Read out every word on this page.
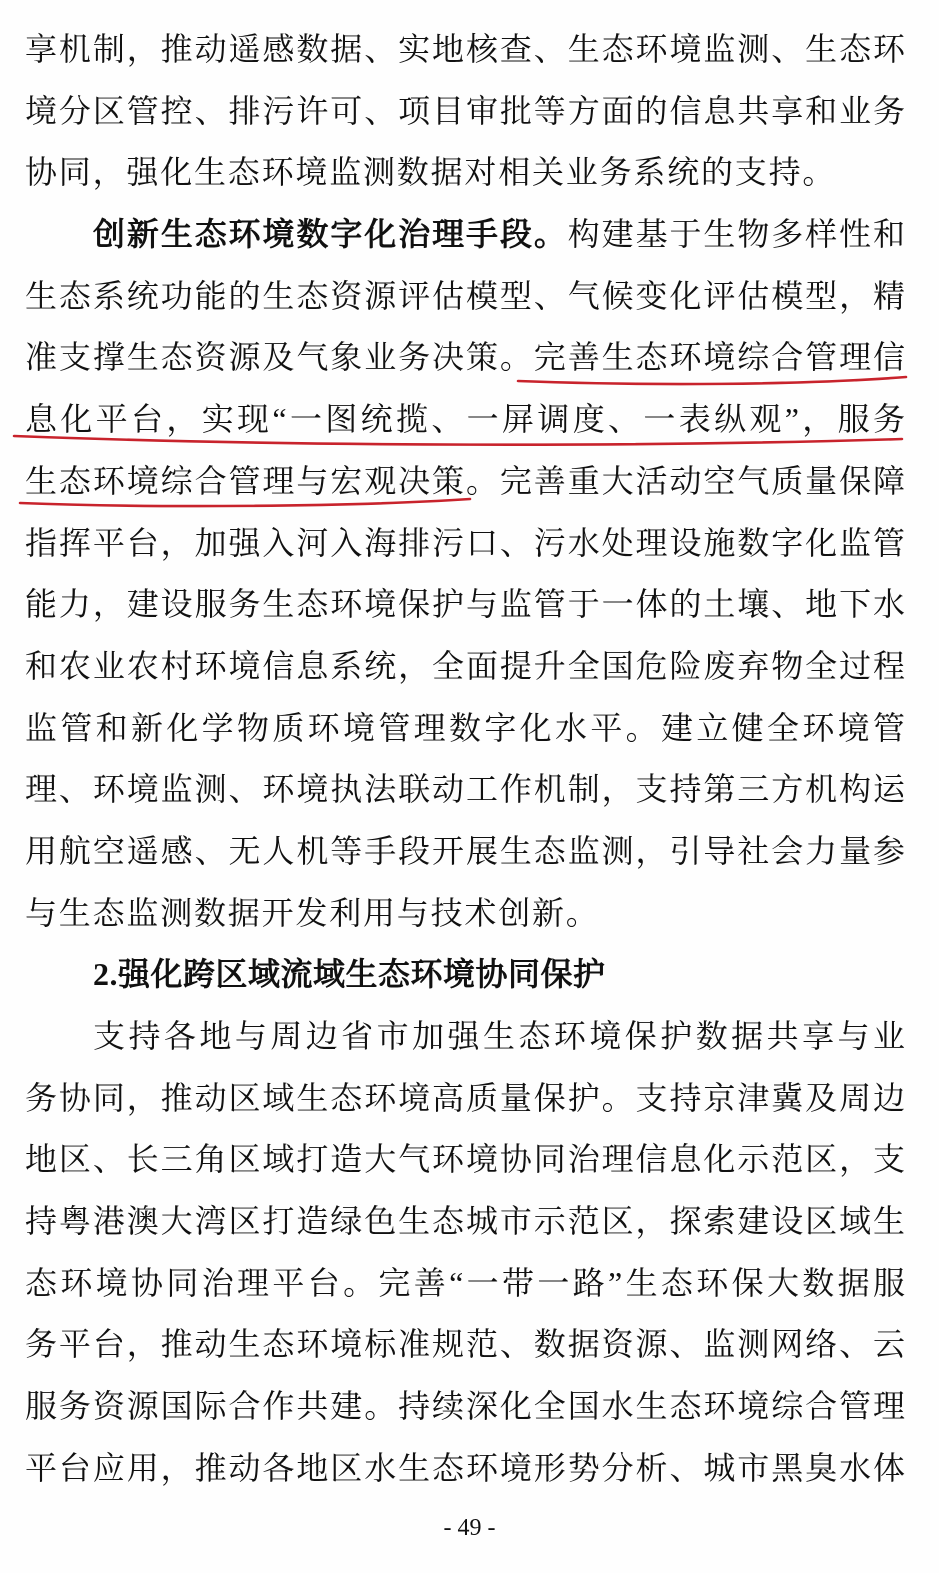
享机制，推动遥感数据、实地核查、生态环境监测、生态环
境分区管控、排污许可、项目审批等方面的信息共享和业务
协同，强化生态环境监测数据对相关业务系统的支持。
创新生态环境数字化治理手段。构建基于生物多样性和
生态系统功能的生态资源评估模型、气候变化评估模型，精
准支撑生态资源及气象业务决策。完善生态环境综合管理信
息化平台，实现“一图统揽、一屏调度、一表纵观”，服务
生态环境综合管理与宏观决策。完善重大活动空气质量保障
指挥平台，加强入河入海排污口、污水处理设施数字化监管
能力，建设服务生态环境保护与监管于一体的土壤、地下水
和农业农村环境信息系统，全面提升全国危险废弃物全过程
监管和新化学物质环境管理数字化水平。建立健全环境管
理、环境监测、环境执法联动工作机制，支持第三方机构运
用航空遥感、无人机等手段开展生态监测，引导社会力量参
与生态监测数据开发利用与技术创新。
2.强化跨区域流域生态环境协同保护
支持各地与周边省市加强生态环境保护数据共享与业
务协同，推动区域生态环境高质量保护。支持京津冀及周边
地区、长三角区域打造大气环境协同治理信息化示范区，支
持粤港澳大湾区打造绿色生态城市示范区，探索建设区域生
态环境协同治理平台。完善“一带一路”生态环保大数据服
务平台，推动生态环境标准规范、数据资源、监测网络、云
服务资源国际合作共建。持续深化全国水生态环境综合管理
平台应用，推动各地区水生态环境形势分析、城市黑臭水体
- 49 -
